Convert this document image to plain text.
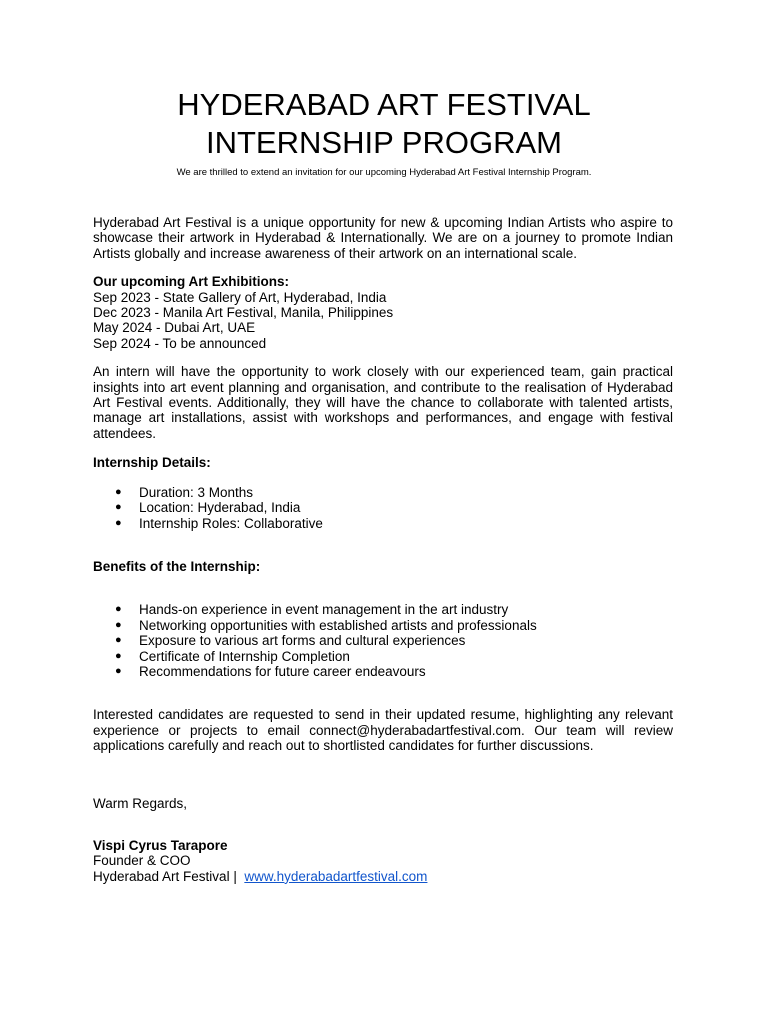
HYDERABAD ART FESTIVAL
INTERNSHIP PROGRAM
We are thrilled to extend an invitation for our upcoming Hyderabad Art Festival Internship Program.

Hyderabad Art Festival is a unique opportunity for new & upcoming Indian Artists who aspire to showcase their artwork in Hyderabad & Internationally. We are on a journey to promote Indian Artists globally and increase awareness of their artwork on an international scale.

Our upcoming Art Exhibitions:
Sep 2023 - State Gallery of Art, Hyderabad, India
Dec 2023 - Manila Art Festival, Manila, Philippines
May 2024 - Dubai Art, UAE
Sep 2024 - To be announced

An intern will have the opportunity to work closely with our experienced team, gain practical insights into art event planning and organisation, and contribute to the realisation of Hyderabad Art Festival events. Additionally, they will have the chance to collaborate with talented artists, manage art installations, assist with workshops and performances, and engage with festival attendees.

Internship Details:
● Duration: 3 Months
● Location: Hyderabad, India
● Internship Roles: Collaborative
Benefits of the Internship:
● Hands-on experience in event management in the art industry
● Networking opportunities with established artists and professionals
● Exposure to various art forms and cultural experiences
● Certificate of Internship Completion
● Recommendations for future career endeavours

Interested candidates are requested to send in their updated resume, highlighting any relevant experience or projects to email connect@hyderabadartfestival.com. Our team will review applications carefully and reach out to shortlisted candidates for further discussions.

Warm Regards,
Vispi Cyrus Tarapore
Founder & COO
Hyderabad Art Festival | www.hyderabadartfestival.com
